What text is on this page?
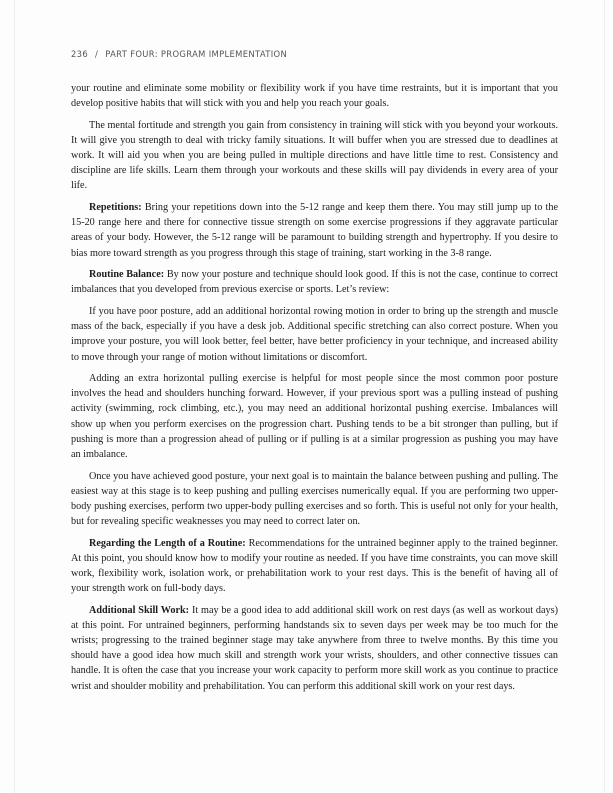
236 / PART FOUR: PROGRAM IMPLEMENTATION

your routine and eliminate some mobility or flexibility work if you have time restraints, but it is important that you develop positive habits that will stick with you and help you reach your goals.

The mental fortitude and strength you gain from consistency in training will stick with you beyond your workouts. It will give you strength to deal with tricky family situations. It will buffer when you are stressed due to deadlines at work. It will aid you when you are being pulled in multiple directions and have little time to rest. Consistency and discipline are life skills. Learn them through your workouts and these skills will pay dividends in every area of your life.

Repetitions: Bring your repetitions down into the 5-12 range and keep them there. You may still jump up to the 15-20 range here and there for connective tissue strength on some exercise progressions if they aggravate particular areas of your body. However, the 5-12 range will be paramount to building strength and hypertrophy. If you desire to bias more toward strength as you progress through this stage of training, start working in the 3-8 range.

Routine Balance: By now your posture and technique should look good. If this is not the case, continue to correct imbalances that you developed from previous exercise or sports. Let’s review:

If you have poor posture, add an additional horizontal rowing motion in order to bring up the strength and muscle mass of the back, especially if you have a desk job. Additional specific stretching can also correct posture. When you improve your posture, you will look better, feel better, have better proficiency in your technique, and increased ability to move through your range of motion without limitations or discomfort.

Adding an extra horizontal pulling exercise is helpful for most people since the most common poor posture involves the head and shoulders hunching forward. However, if your previous sport was a pulling instead of pushing activity (swimming, rock climbing, etc.), you may need an additional horizontal pushing exercise. Imbalances will show up when you perform exercises on the progression chart. Pushing tends to be a bit stronger than pulling, but if pushing is more than a progression ahead of pulling or if pulling is at a similar progression as pushing you may have an imbalance.

Once you have achieved good posture, your next goal is to maintain the balance between pushing and pulling. The easiest way at this stage is to keep pushing and pulling exercises numerically equal. If you are performing two upper-body pushing exercises, perform two upper-body pulling exercises and so forth. This is useful not only for your health, but for revealing specific weaknesses you may need to correct later on.

Regarding the Length of a Routine: Recommendations for the untrained beginner apply to the trained beginner. At this point, you should know how to modify your routine as needed. If you have time constraints, you can move skill work, flexibility work, isolation work, or prehabilitation work to your rest days. This is the benefit of having all of your strength work on full-body days.

Additional Skill Work: It may be a good idea to add additional skill work on rest days (as well as workout days) at this point. For untrained beginners, performing handstands six to seven days per week may be too much for the wrists; progressing to the trained beginner stage may take anywhere from three to twelve months. By this time you should have a good idea how much skill and strength work your wrists, shoulders, and other connective tissues can handle. It is often the case that you increase your work capacity to perform more skill work as you continue to practice wrist and shoulder mobility and prehabilitation. You can perform this additional skill work on your rest days.
